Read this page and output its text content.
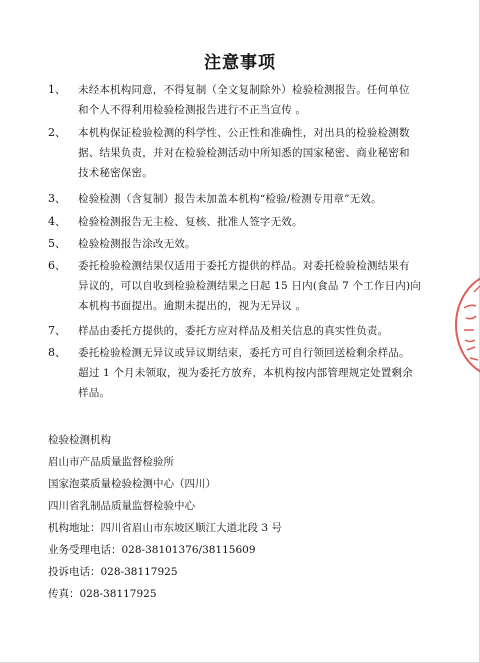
注意事项
1、 未经本机构同意，不得复制（全文复制除外）检验检测报告。任何单位
和个人不得利用检验检测报告进行不正当宣传 。
2、 本机构保证检验检测的科学性、公正性和准确性，对出具的检验检测数
据、结果负责，并对在检验检测活动中所知悉的国家秘密、商业秘密和
技术秘密保密。
3、 检验检测（含复制）报告未加盖本机构“检验/检测专用章”无效。
4、 检验检测报告无主检、复核、批准人签字无效。
5、 检验检测报告涂改无效。
6、 委托检验检测结果仅适用于委托方提供的样品。对委托检验检测结果有
异议的，可以自收到检验检测结果之日起 15 日内(食品 7 个工作日内)向
本机构书面提出。逾期未提出的，视为无异议 。
7、 样品由委托方提供的，委托方应对样品及相关信息的真实性负责。
8、 委托检验检测无异议或异议期结束，委托方可自行领回送检剩余样品。
超过 1 个月未领取，视为委托方放弃，本机构按内部管理规定处置剩余
样品。
检验检测机构
眉山市产品质量监督检验所
国家泡菜质量检验检测中心（四川）
四川省乳制品质量监督检验中心
机构地址：四川省眉山市东坡区顺江大道北段 3 号
业务受理电话：028-38101376/38115609
投诉电话：028-38117925
传真：028-38117925
